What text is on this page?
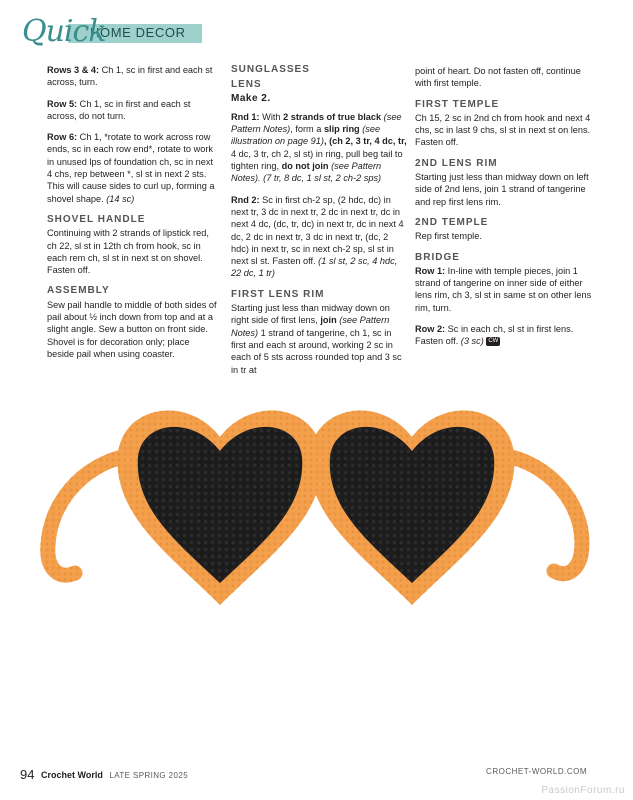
Quick
HOME DECOR

Rows 3 & 4: Ch 1, sc in first and each st across, turn.

Row 5: Ch 1, sc in first and each st across, do not turn.

Row 6: Ch 1, *rotate to work across row ends, sc in each row end*, rotate to work in unused lps of foundation ch, sc in next 4 chs, rep between *, sl st in next 2 sts. This will cause sides to curl up, forming a shovel shape. (14 sc)

SHOVEL HANDLE

Continuing with 2 strands of lipstick red, ch 22, sl st in 12th ch from hook, sc in each rem ch, sl st in next st on shovel. Fasten off.

ASSEMBLY

Sew pail handle to middle of both sides of pail about ½ inch down from top and at a slight angle. Sew a button on front side. Shovel is for decoration only; place beside pail when using coaster.

SUNGLASSES
LENS
Make 2.

Rnd 1: With 2 strands of true black (see Pattern Notes), form a slip ring (see illustration on page 91), (ch 2, 3 tr, 4 dc, tr, 4 dc, 3 tr, ch 2, sl st) in ring, pull beg tail to tighten ring, do not join (see Pattern Notes). (7 tr, 8 dc, 1 sl st, 2 ch-2 sps)

Rnd 2: Sc in first ch-2 sp, (2 hdc, dc) in next tr, 3 dc in next tr, 2 dc in next tr, dc in next 4 dc, (dc, tr, dc) in next tr, dc in next 4 dc, 2 dc in next tr, 3 dc in next tr, (dc, 2 hdc) in next tr, sc in next ch-2 sp, sl st in next sl st. Fasten off. (1 sl st, 2 sc, 4 hdc, 22 dc, 1 tr)

FIRST LENS RIM

Starting just less than midway down on right side of first lens, join (see Pattern Notes) 1 strand of tangerine, ch 1, sc in first and each st around, working 2 sc in each of 5 sts across rounded top and 3 sc in tr at

point of heart. Do not fasten off, continue with first temple.

FIRST TEMPLE

Ch 15, 2 sc in 2nd ch from hook and next 4 chs, sc in last 9 chs, sl st in next st on lens. Fasten off.

2ND LENS RIM

Starting just less than midway down on left side of 2nd lens, join 1 strand of tangerine and rep first lens rim.

2ND TEMPLE

Rep first temple.

BRIDGE

Row 1: In-line with temple pieces, join 1 strand of tangerine on inner side of either lens rim, ch 3, sl st in same st on other lens rim, turn.

Row 2: Sc in each ch, sl st in first lens. Fasten off. (3 sc) CW

94 Crochet World LATE SPRING 2025	CROCHET-WORLD.COM
PassionForum.ru
